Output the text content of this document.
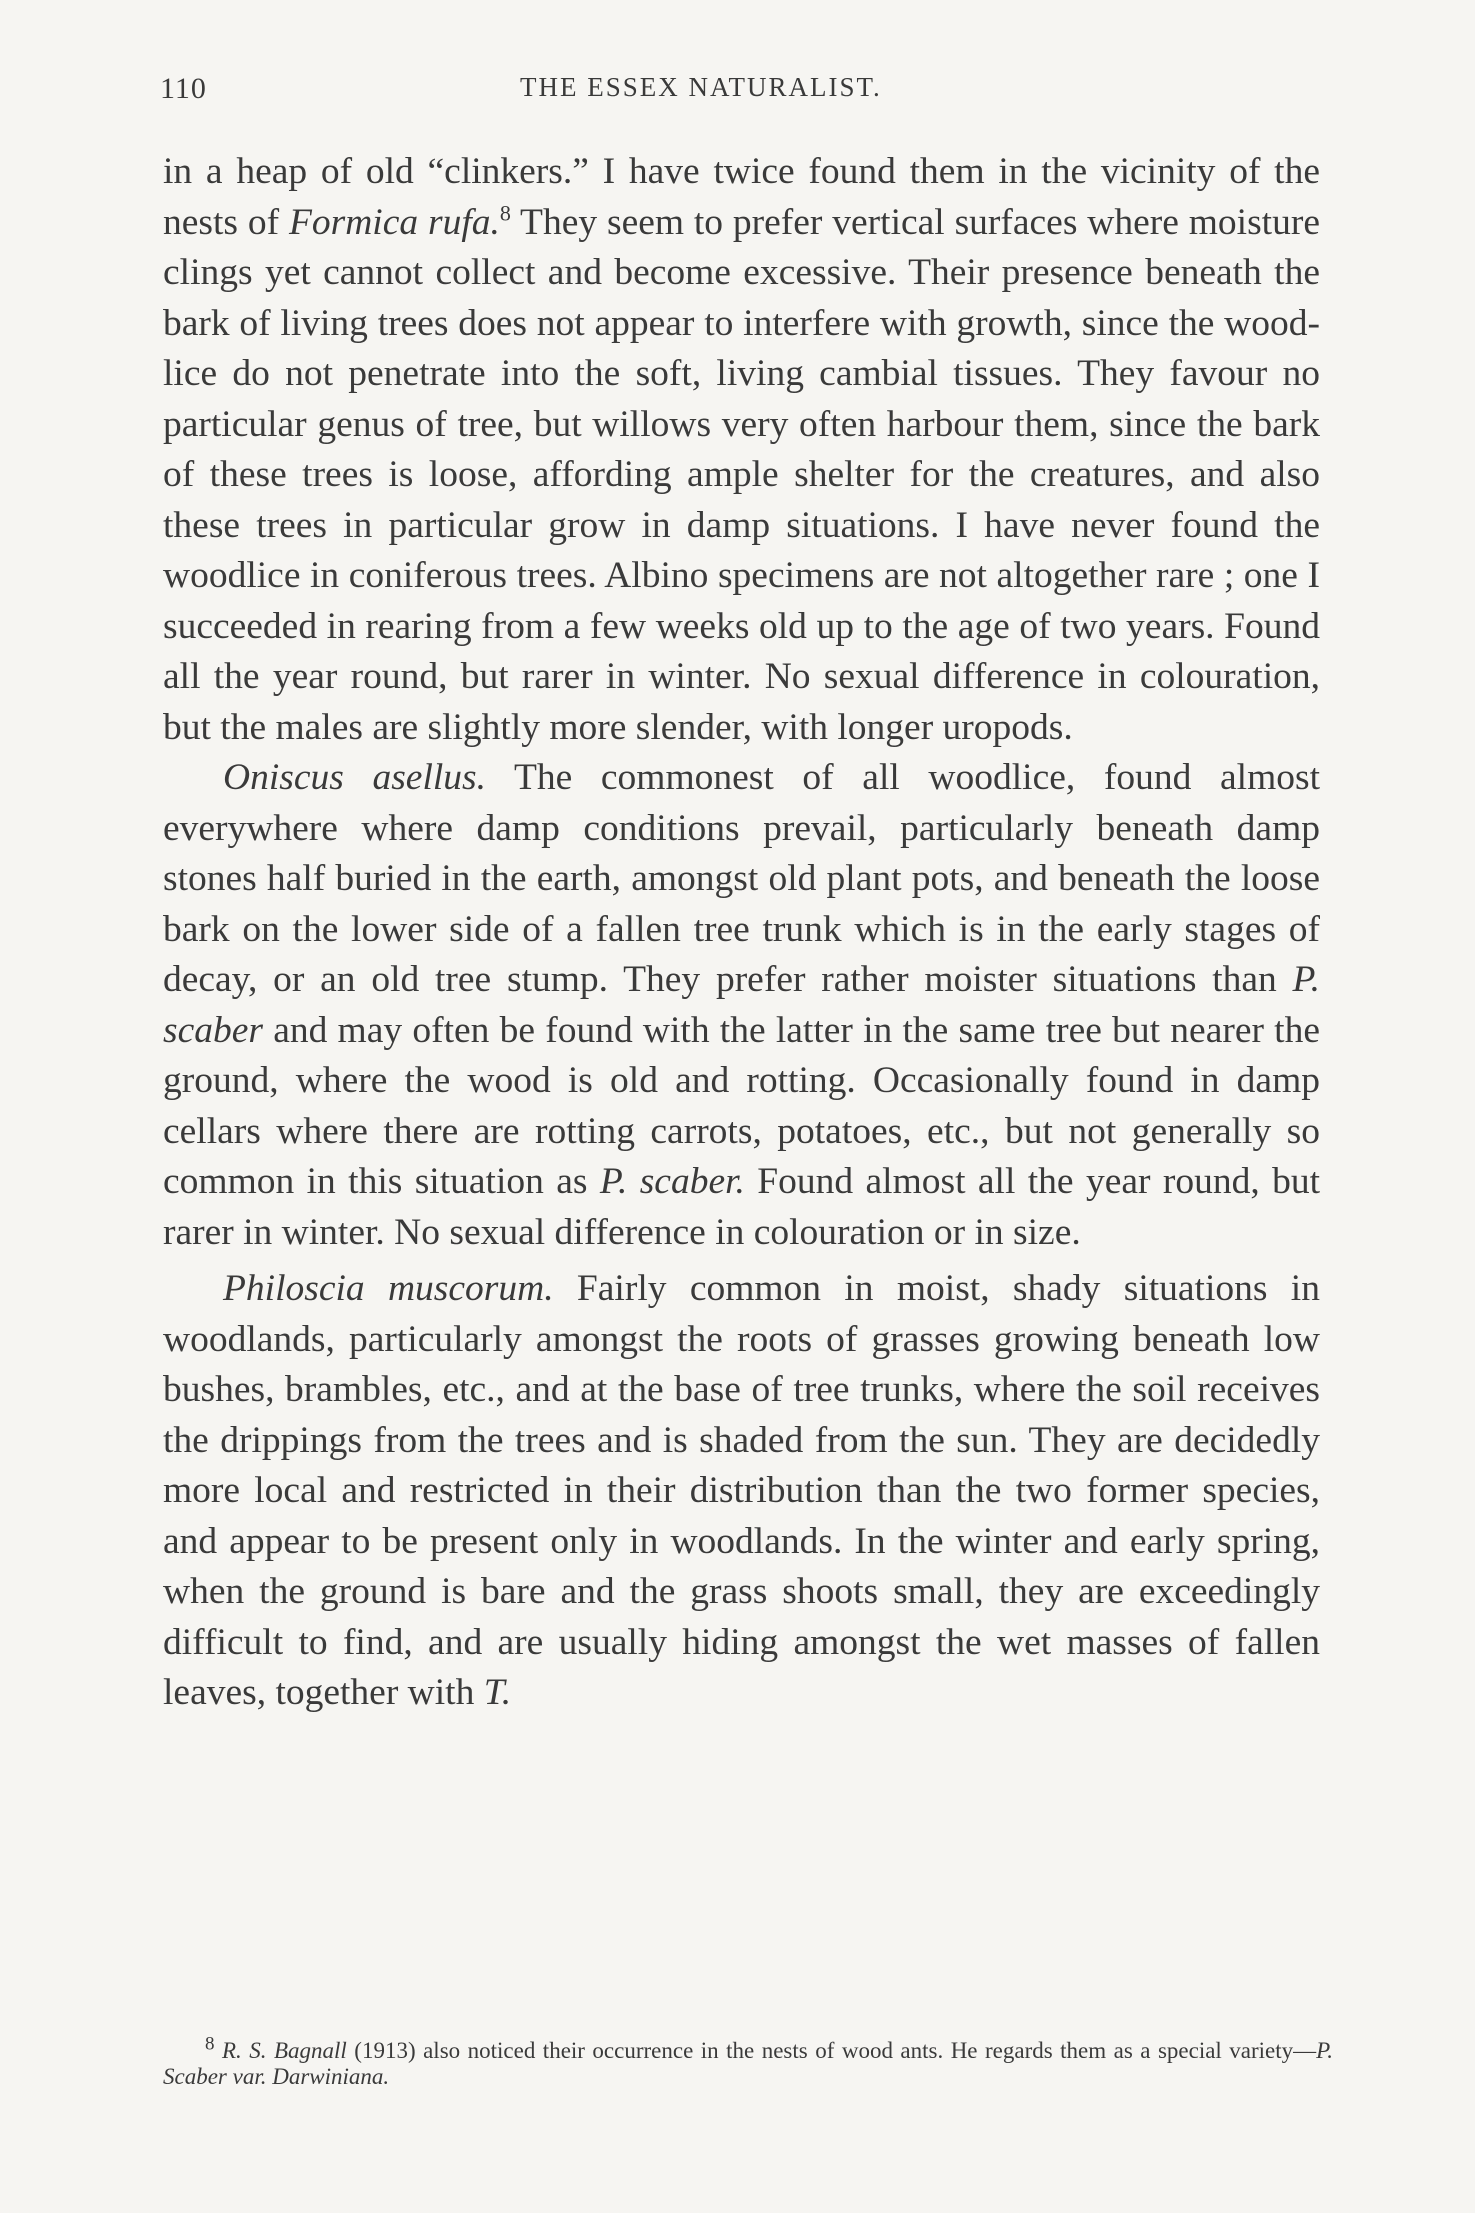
110	THE ESSEX NATURALIST.

in a heap of old “clinkers.” I have twice found them in the vicinity of the nests of Formica rufa.$^8$ They seem to prefer vertical surfaces where moisture clings yet cannot collect and become excessive. Their presence beneath the bark of living trees does not appear to interfere with growth, since the wood-lice do not penetrate into the soft, living cambial tissues. They favour no particular genus of tree, but willows very often harbour them, since the bark of these trees is loose, affording ample shelter for the creatures, and also these trees in particular grow in damp situations. I have never found the woodlice in coniferous trees. Albino specimens are not altogether rare ; one I succeeded in rearing from a few weeks old up to the age of two years. Found all the year round, but rarer in winter. No sexual difference in colouration, but the males are slightly more slender, with longer uropods.

Oniscus asellus. The commonest of all woodlice, found almost everywhere where damp conditions prevail, particularly beneath damp stones half buried in the earth, amongst old plant pots, and beneath the loose bark on the lower side of a fallen tree trunk which is in the early stages of decay, or an old tree stump. They prefer rather moister situations than P. scaber and may often be found with the latter in the same tree but nearer the ground, where the wood is old and rotting. Occasionally found in damp cellars where there are rotting carrots, potatoes, etc., but not generally so common in this situation as P. scaber. Found almost all the year round, but rarer in winter. No sexual difference in colouration or in size.

Philoscia muscorum. Fairly common in moist, shady situations in woodlands, particularly amongst the roots of grasses growing beneath low bushes, brambles, etc., and at the base of tree trunks, where the soil receives the drippings from the trees and is shaded from the sun. They are decidedly more local and restricted in their distribution than the two former species, and appear to be present only in woodlands. In the winter and early spring, when the ground is bare and the grass shoots small, they are exceedingly difficult to find, and are usually hiding amongst the wet masses of fallen leaves, together with T.

$^8$ R. S. Bagnall (1913) also noticed their occurrence in the nests of wood ants. He regards them as a special variety—P. Scaber var. Darwiniana.
